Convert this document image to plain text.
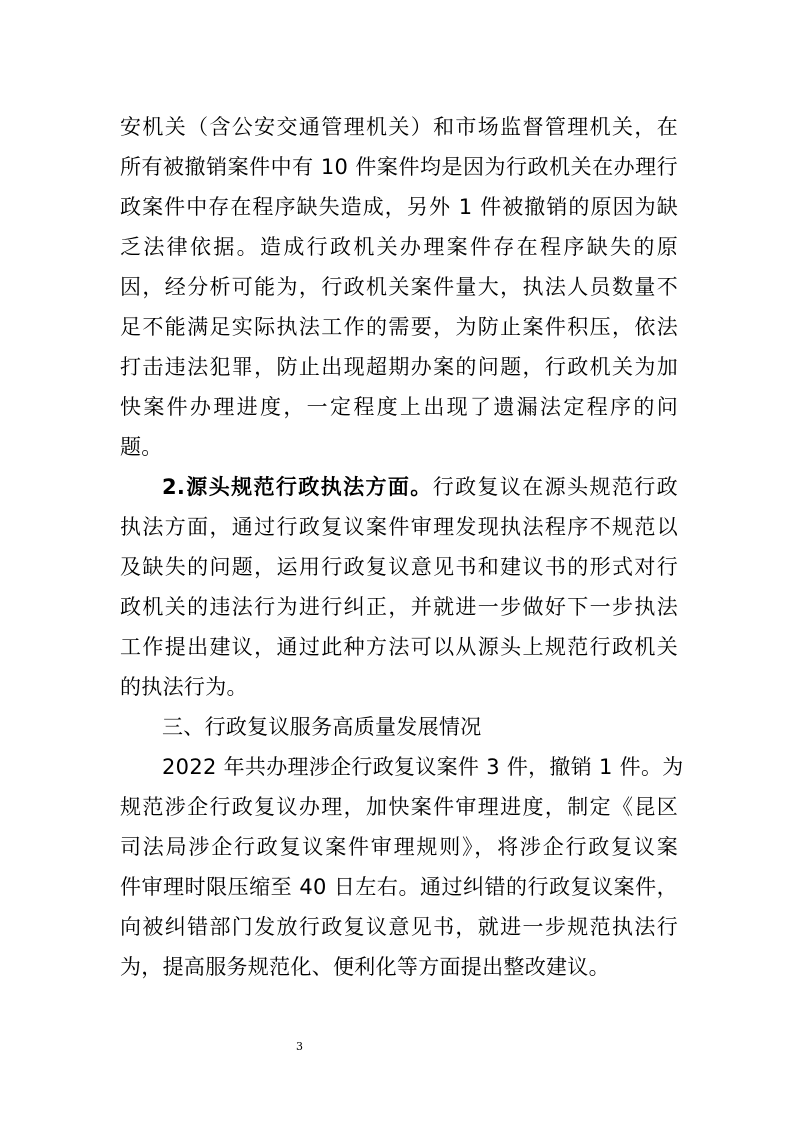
安机关（含公安交通管理机关）和市场监督管理机关，在
所有被撤销案件中有 10 件案件均是因为行政机关在办理行
政案件中存在程序缺失造成，另外 1 件被撤销的原因为缺
乏法律依据。造成行政机关办理案件存在程序缺失的原
因，经分析可能为，行政机关案件量大，执法人员数量不
足不能满足实际执法工作的需要，为防止案件积压，依法
打击违法犯罪，防止出现超期办案的问题，行政机关为加
快案件办理进度，一定程度上出现了遗漏法定程序的问
题。
2.源头规范行政执法方面。行政复议在源头规范行政
执法方面，通过行政复议案件审理发现执法程序不规范以
及缺失的问题，运用行政复议意见书和建议书的形式对行
政机关的违法行为进行纠正，并就进一步做好下一步执法
工作提出建议，通过此种方法可以从源头上规范行政机关
的执法行为。
三、行政复议服务高质量发展情况
2022 年共办理涉企行政复议案件 3 件，撤销 1 件。为
规范涉企行政复议办理，加快案件审理进度，制定《昆区
司法局涉企行政复议案件审理规则》，将涉企行政复议案
件审理时限压缩至 40 日左右。通过纠错的行政复议案件，
向被纠错部门发放行政复议意见书，就进一步规范执法行
为，提高服务规范化、便利化等方面提出整改建议。
3
